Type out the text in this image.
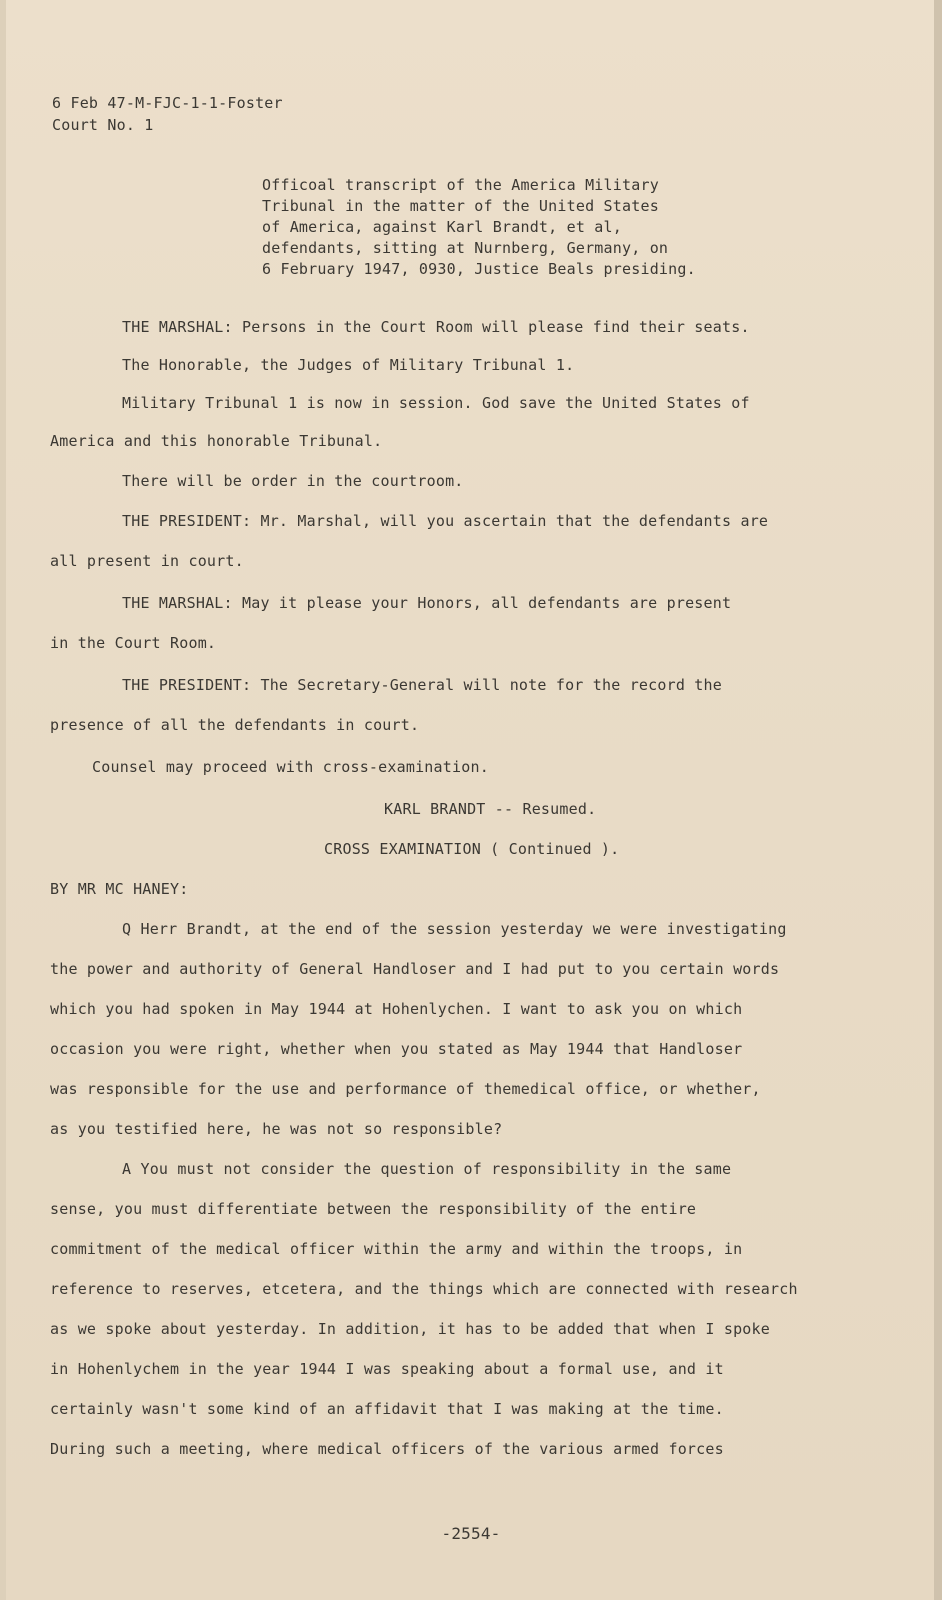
6 Feb 47-M-FJC-1-1-Foster
Court No. 1
Officoal transcript of the America Military
Tribunal in the matter of the United States
of America, against Karl Brandt, et al,
defendants, sitting at Nurnberg, Germany, on
6 February 1947, 0930, Justice Beals presiding.
THE MARSHAL: Persons in the Court Room will please find their seats.
The Honorable, the Judges of Military Tribunal 1.
Military Tribunal 1 is now in session. God save the United States of
America and this honorable Tribunal.
There will be order in the courtroom.
THE PRESIDENT: Mr. Marshal, will you ascertain that the defendants are
all present in court.
THE MARSHAL: May it please your Honors, all defendants are present
in the Court Room.
THE PRESIDENT: The Secretary-General will note for the record the
presence of all the defendants in court.
Counsel may proceed with cross-examination.
KARL BRANDT -- Resumed.
CROSS EXAMINATION ( Continued ).
BY MR MC HANEY:
Q Herr Brandt, at the end of the session yesterday we were investigating
the power and authority of General Handloser and I had put to you certain words
which you had spoken in May 1944 at Hohenlychen. I want to ask you on which
occasion you were right, whether when you stated as May 1944 that Handloser
was responsible for the use and performance of themedical office, or whether,
as you testified here, he was not so responsible?
A You must not consider the question of responsibility in the same
sense, you must differentiate between the responsibility of the entire
commitment of the medical officer within the army and within the troops, in
reference to reserves, etcetera, and the things which are connected with research
as we spoke about yesterday. In addition, it has to be added that when I spoke
in Hohenlychem in the year 1944 I was speaking about a formal use, and it
certainly wasn't some kind of an affidavit that I was making at the time.
During such a meeting, where medical officers of the various armed forces
-2554-
